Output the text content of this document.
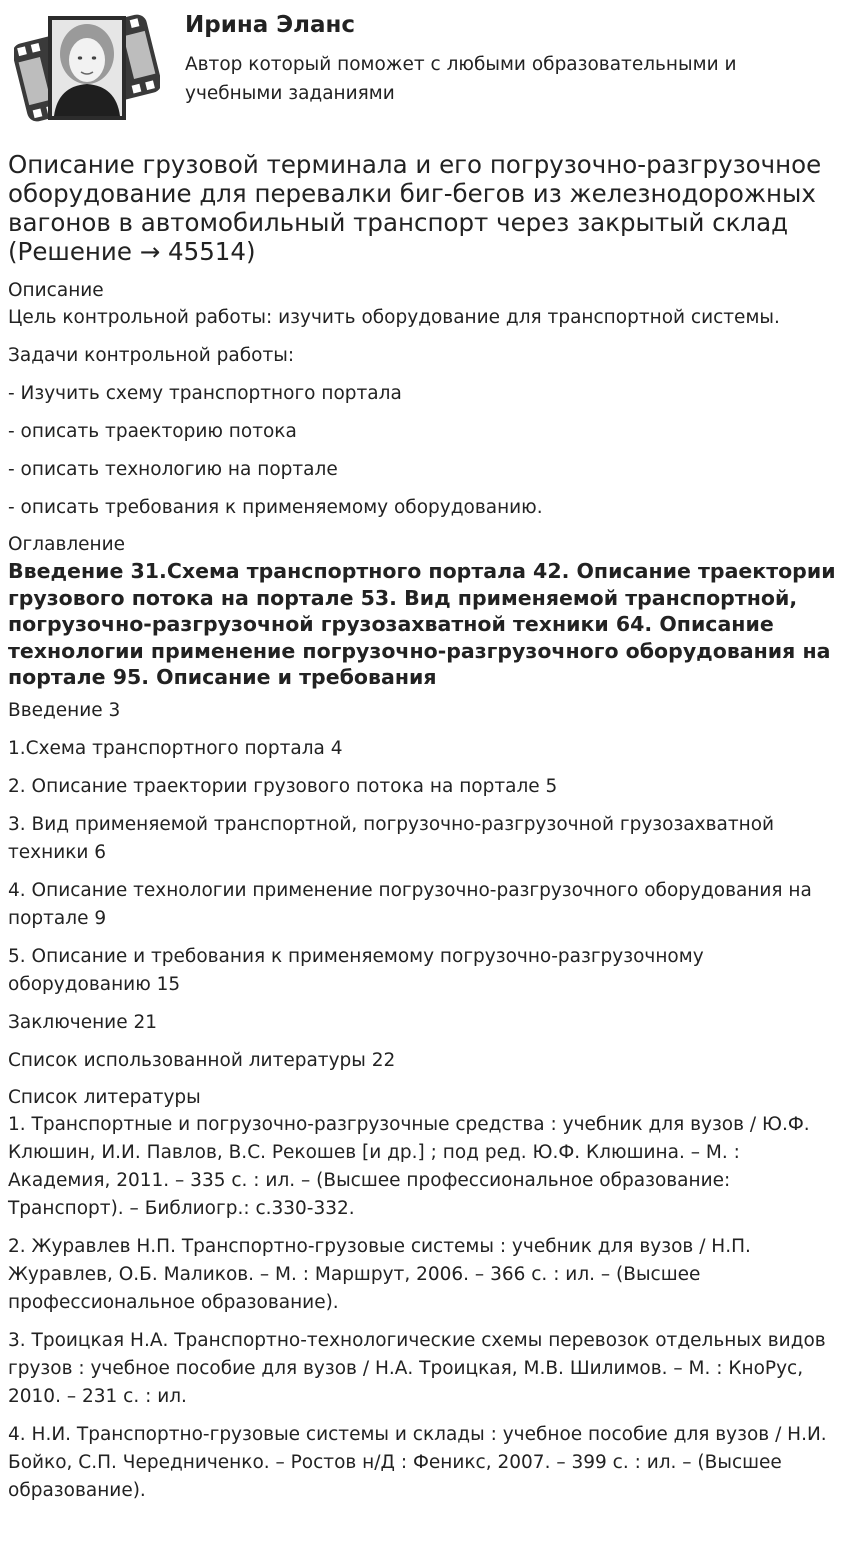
Ирина Эланс
Автор который поможет с любыми образовательными и учебными заданиями
Описание грузовой терминала и его погрузочно-разгрузочное оборудование для перевалки биг-бегов из железнодорожных вагонов в автомобильный транспорт через закрытый склад (Решение → 45514)
Описание
Цель контрольной работы: изучить оборудование для транспортной системы.
Задачи контрольной работы:
- Изучить схему транспортного портала
- описать траекторию потока
- описать технологию на портале
- описать требования к применяемому оборудованию.
Оглавление
Введение 31.Схема транспортного портала 42. Описание траектории грузового потока на портале 53. Вид применяемой транспортной, погрузочно-разгрузочной грузозахватной техники 64. Описание технологии применение погрузочно-разгрузочного оборудования на портале 95. Описание и требования
Введение 3
1.Схема транспортного портала 4
2. Описание траектории грузового потока на портале 5
3. Вид применяемой транспортной, погрузочно-разгрузочной грузозахватной техники 6
4. Описание технологии применение погрузочно-разгрузочного оборудования на портале 9
5. Описание и требования к применяемому погрузочно-разгрузочному оборудованию 15
Заключение 21
Список использованной литературы 22
Список литературы
1. Транспортные и погрузочно-разгрузочные средства : учебник для вузов / Ю.Ф. Клюшин, И.И. Павлов, В.С. Рекошев [и др.] ; под ред. Ю.Ф. Клюшина. – М. : Академия, 2011. – 335 с. : ил. – (Высшее профессиональное образование: Транспорт). – Библиогр.: с.330-332.
2. Журавлев Н.П. Транспортно-грузовые системы : учебник для вузов / Н.П. Журавлев, О.Б. Маликов. – М. : Маршрут, 2006. – 366 с. : ил. – (Высшее профессиональное образование).
3. Троицкая Н.А. Транспортно-технологические схемы перевозок отдельных видов грузов : учебное пособие для вузов / Н.А. Троицкая, М.В. Шилимов. – М. : КноРус, 2010. – 231 с. : ил.
4. Н.И. Транспортно-грузовые системы и склады : учебное пособие для вузов / Н.И. Бойко, С.П. Чередниченко. – Ростов н/Д : Феникс, 2007. – 399 с. : ил. – (Высшее образование).
